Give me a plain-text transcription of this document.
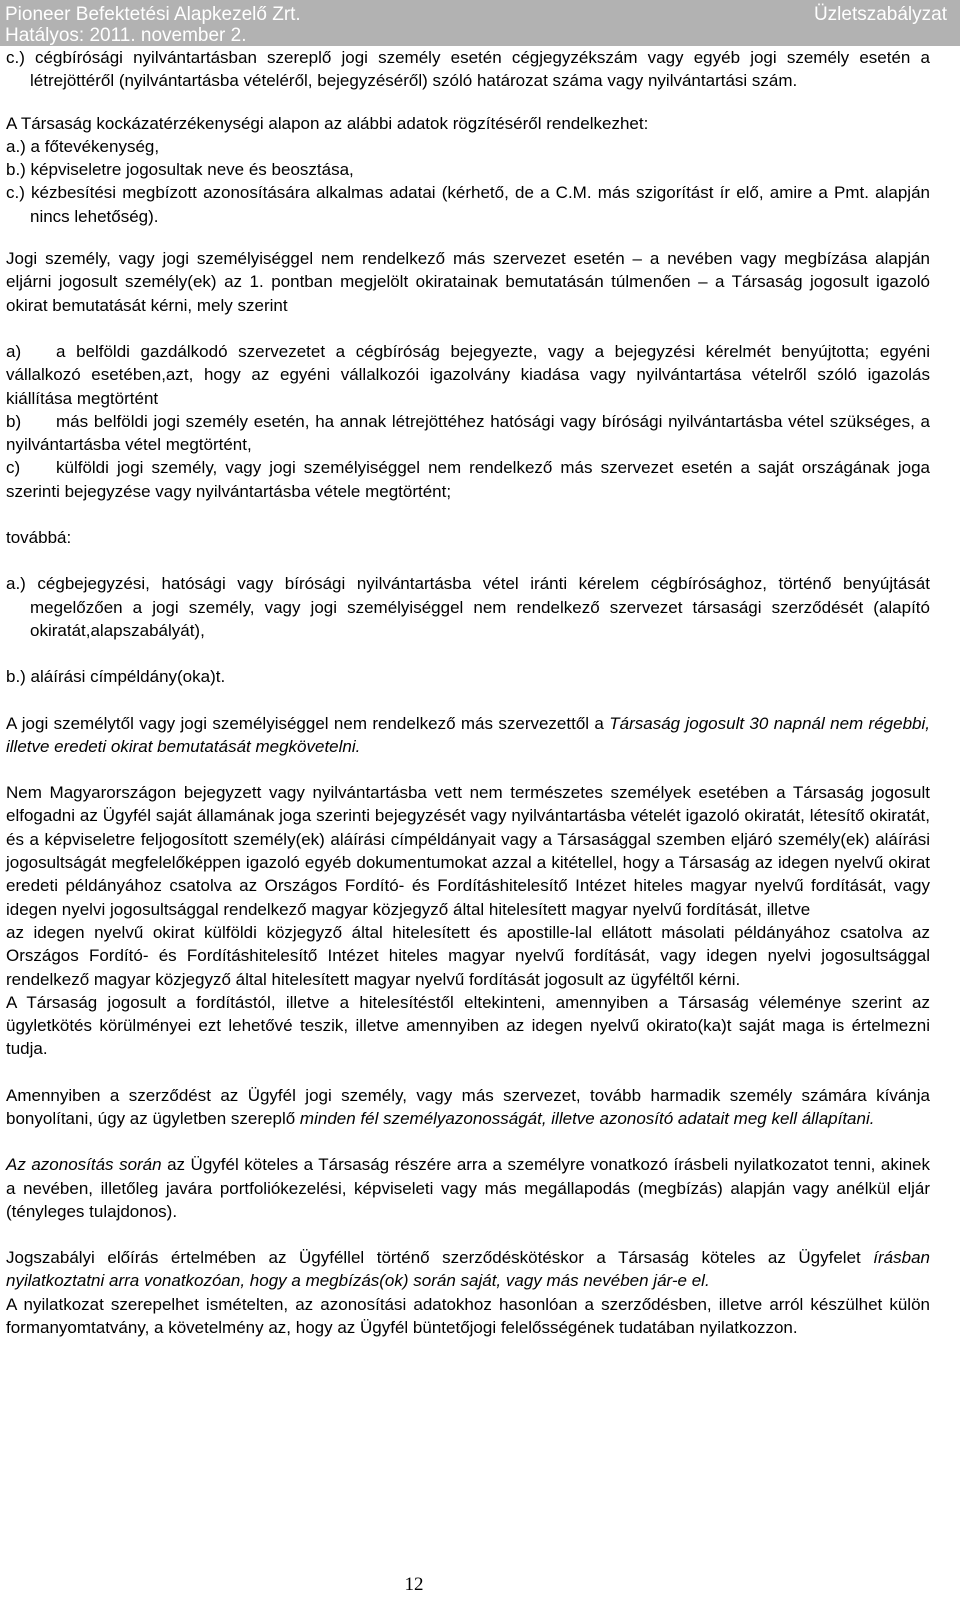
Pioneer Befektetési Alapkezelő Zrt.
Hatályos: 2011. november 2.
Üzletszabályzat

c.) cégbírósági nyilvántartásban szereplő jogi személy esetén cégjegyzékszám vagy egyéb jogi személy esetén a létrejöttéről (nyilvántartásba vételéről, bejegyzéséről) szóló határozat száma vagy nyilvántartási szám.

A Társaság kockázatérzékenységi alapon az alábbi adatok rögzítéséről rendelkezhet:

a.) a főtevékenység,

b.) képviseletre jogosultak neve és beosztása,

c.) kézbesítési megbízott azonosítására alkalmas adatai (kérhető, de a C.M. más szigorítást ír elő, amire a Pmt. alapján nincs lehetőség).

Jogi személy, vagy jogi személyiséggel nem rendelkező más szervezet esetén – a nevében vagy megbízása alapján eljárni jogosult személy(ek) az 1. pontban megjelölt okiratainak bemutatásán túlmenően – a Társaság jogosult igazoló okirat bemutatását kérni, mely szerint

a) a belföldi gazdálkodó szervezetet a cégbíróság bejegyezte, vagy a bejegyzési kérelmét benyújtotta; egyéni vállalkozó esetében,azt, hogy az egyéni vállalkozói igazolvány kiadása vagy nyilvántartása vételről szóló igazolás kiállítása megtörtént

b) más belföldi jogi személy esetén, ha annak létrejöttéhez hatósági vagy bírósági nyilvántartásba vétel szükséges, a nyilvántartásba vétel megtörtént,

c) külföldi jogi személy, vagy jogi személyiséggel nem rendelkező más szervezet esetén a saját országának joga szerinti bejegyzése vagy nyilvántartásba vétele megtörtént;

továbbá:

a.) cégbejegyzési, hatósági vagy bírósági nyilvántartásba vétel iránti kérelem cégbírósághoz, történő benyújtását megelőzően a jogi személy, vagy jogi személyiséggel nem rendelkező szervezet társasági szerződését (alapító okiratát,alapszabályát),

b.) aláírási címpéldány(oka)t.

A jogi személytől vagy jogi személyiséggel nem rendelkező más szervezettől a Társaság jogosult 30 napnál nem régebbi, illetve eredeti okirat bemutatását megkövetelni.

Nem Magyarországon bejegyzett vagy nyilvántartásba vett nem természetes személyek esetében a Társaság jogosult elfogadni az Ügyfél saját államának joga szerinti bejegyzését vagy nyilvántartásba vételét igazoló okiratát, létesítő okiratát, és a képviseletre feljogosított személy(ek) aláírási címpéldányait vagy a Társasággal szemben eljáró személy(ek) aláírási jogosultságát megfelelőképpen igazoló egyéb dokumentumokat azzal a kitétellel, hogy a Társaság az idegen nyelvű okirat eredeti példányához csatolva az Országos Fordító- és Fordításhitelesítő Intézet hiteles magyar nyelvű fordítását, vagy idegen nyelvi jogosultsággal rendelkező magyar közjegyző által hitelesített magyar nyelvű fordítását, illetve

az idegen nyelvű okirat külföldi közjegyző által hitelesített és apostille-lal ellátott másolati példányához csatolva az Országos Fordító- és Fordításhitelesítő Intézet hiteles magyar nyelvű fordítását, vagy idegen nyelvi jogosultsággal rendelkező magyar közjegyző által hitelesített magyar nyelvű fordítását jogosult az ügyféltől kérni.

A Társaság jogosult a fordítástól, illetve a hitelesítéstől eltekinteni, amennyiben a Társaság véleménye szerint az ügyletkötés körülményei ezt lehetővé teszik, illetve amennyiben az idegen nyelvű okirato(ka)t saját maga is értelmezni tudja.

Amennyiben a szerződést az Ügyfél jogi személy, vagy más szervezet, tovább harmadik személy számára kívánja bonyolítani, úgy az ügyletben szereplő minden fél személyazonosságát, illetve azonosító adatait meg kell állapítani.

Az azonosítás során az Ügyfél köteles a Társaság részére arra a személyre vonatkozó írásbeli nyilatkozatot tenni, akinek a nevében, illetőleg javára portfoliókezelési, képviseleti vagy más megállapodás (megbízás) alapján vagy anélkül eljár (tényleges tulajdonos).

Jogszabályi előírás értelmében az Ügyféllel történő szerződéskötéskor a Társaság köteles az Ügyfelet írásban nyilatkoztatni arra vonatkozóan, hogy a megbízás(ok) során saját, vagy más nevében jár-e el.

A nyilatkozat szerepelhet ismételten, az azonosítási adatokhoz hasonlóan a szerződésben, illetve arról készülhet külön formanyomtatvány, a követelmény az, hogy az Ügyfél büntetőjogi felelősségének tudatában nyilatkozzon.

12
